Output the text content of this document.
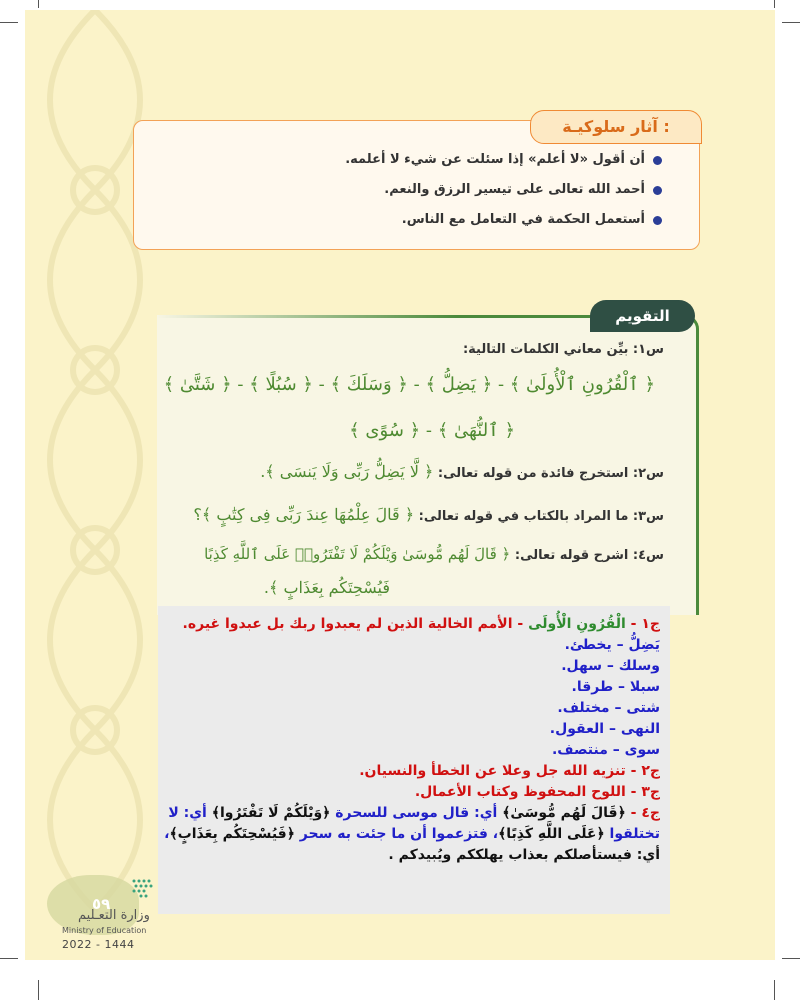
آثار سلوكيـة :
التقويم
أن أقول «لا أعلم» إذا سئلت عن شيء لا أعلمه.
أحمد الله تعالى على تيسير الرزق والنعم.
أستعمل الحكمة في التعامل مع الناس.
س١: بيِّن معاني الكلمات التالية:
﴿ ٱلْقُرُونِ ٱلْأُولَىٰ ﴾ - ﴿ يَضِلُّ ﴾ - ﴿ وَسَلَكَ ﴾ - ﴿ سُبُلًا ﴾ - ﴿ شَتَّىٰ ﴾
﴿ ٱلنُّهَىٰ ﴾ - ﴿ سُوًى ﴾
س٢: استخرج فائدة من قوله تعالى: ﴿ لَّا يَضِلُّ رَبِّى وَلَا يَنسَى ﴾.
س٣: ما المراد بالكتاب في قوله تعالى: ﴿ قَالَ عِلْمُهَا عِندَ رَبِّى فِى كِتَٰبٍ ﴾؟
س٤: اشرح قوله تعالى: ﴿ قَالَ لَهُم مُّوسَىٰ وَيْلَكُمْ لَا تَفْتَرُوا۟ عَلَى ٱللَّهِ كَذِبًا
فَيُسْحِتَكُم بِعَذَابٍ ﴾.

ج١ - الْقُرُونِ الْأُولَى - الأمم الخالية الذين لم يعبدوا ربك بل عبدوا غيره.

يَضِلُّ – يخطئ.

وسلك – سهل.

سبلا – طرقا.

شتى – مختلف.

النهى – العقول.

سوى – منتصف.

ج٢ - تنزيه الله جل وعلا عن الخطأ والنسيان.

ج٣ - اللوح المحفوظ وكتاب الأعمال.

ج٤ - ﴿قَالَ لَهُم مُّوسَىٰ﴾ أي: قال موسى للسحرة ﴿وَيْلَكُمْ لَا تَفْتَرُوا﴾ أي: لا تختلقوا ﴿عَلَى اللَّهِ كَذِبًا﴾، فتزعموا أن ما جئت به سحر ﴿فَيُسْحِتَكُم بِعَذَابٍ﴾،

أي: فيستأصلكم بعذاب يهلككم ويُبيدكم .

٥٩
وزارة التعـليم
Ministry of Education
2022 - 1444
